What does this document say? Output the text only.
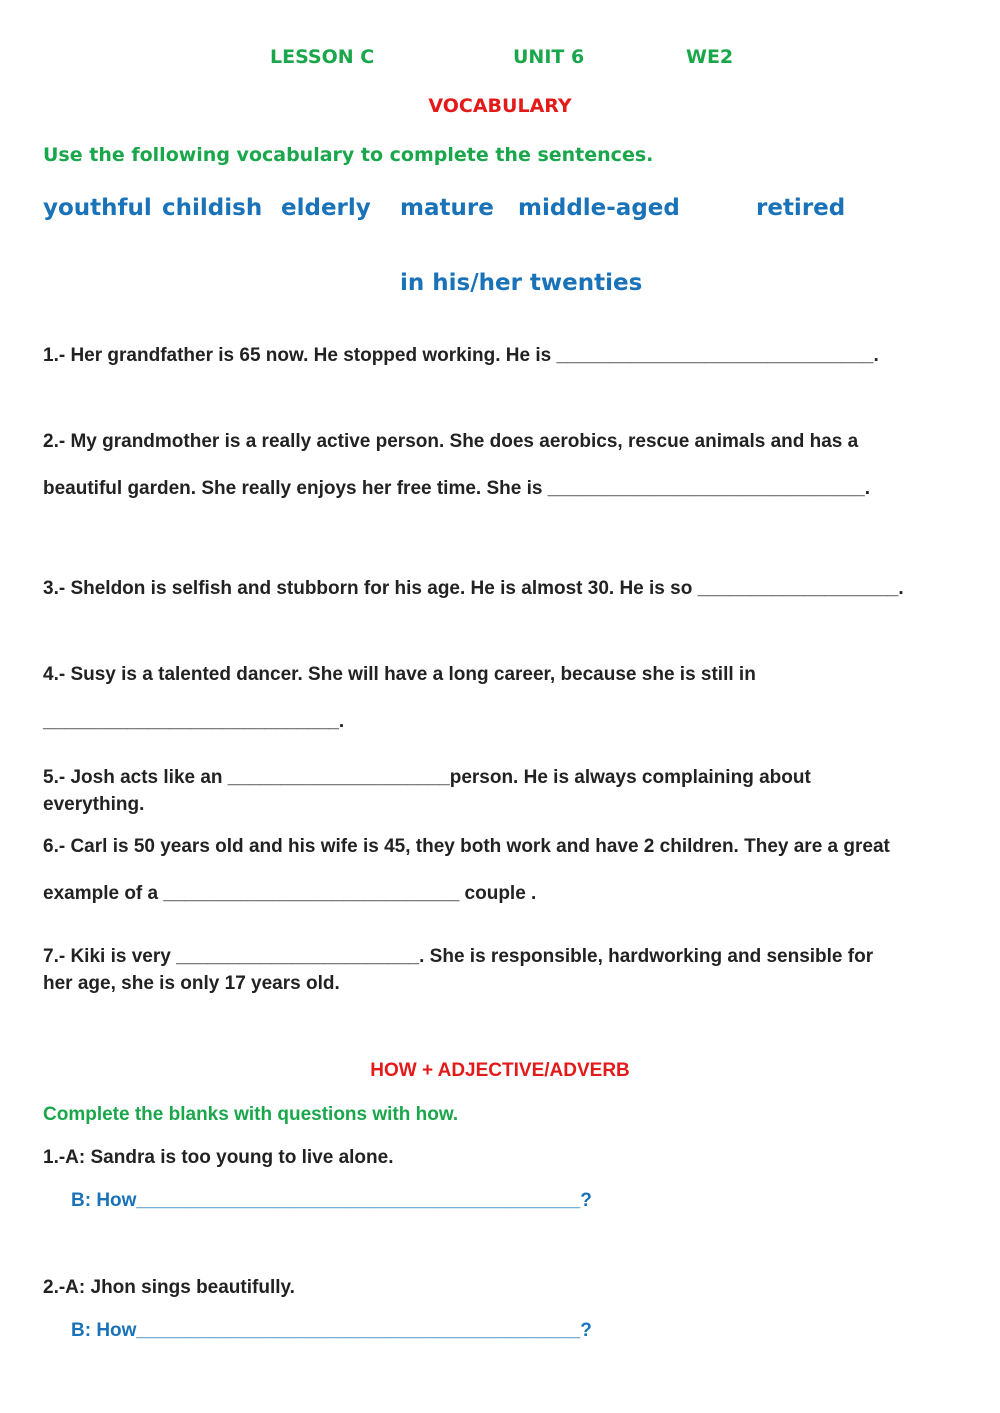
LESSON C	UNIT 6	WE2
VOCABULARY
Use the following vocabulary to complete the sentences.
youthful childish elderly mature middle-aged	retired
in his/her twenties
1.- Her grandfather is 65 now. He stopped working. He is ______________________________.
2.- My grandmother is a really active person. She does aerobics, rescue animals and has a
beautiful garden. She really enjoys her free time. She is ______________________________.
3.- Sheldon is selfish and stubborn for his age. He is almost 30. He is so ___________________.
4.- Susy is a talented dancer. She will have a long career, because she is still in
____________________________.
5.- Josh acts like an _____________________person. He is always complaining about
everything.
6.- Carl is 50 years old and his wife is 45, they both work and have 2 children. They are a great
example of a ____________________________ couple .
7.- Kiki is very _______________________. She is responsible, hardworking and sensible for
her age, she is only 17 years old.
HOW + ADJECTIVE/ADVERB
Complete the blanks with questions with how.
1.-A: Sandra is too young to live alone.
B: How__________________________________________?
2.-A: Jhon sings beautifully.
B: How__________________________________________?
